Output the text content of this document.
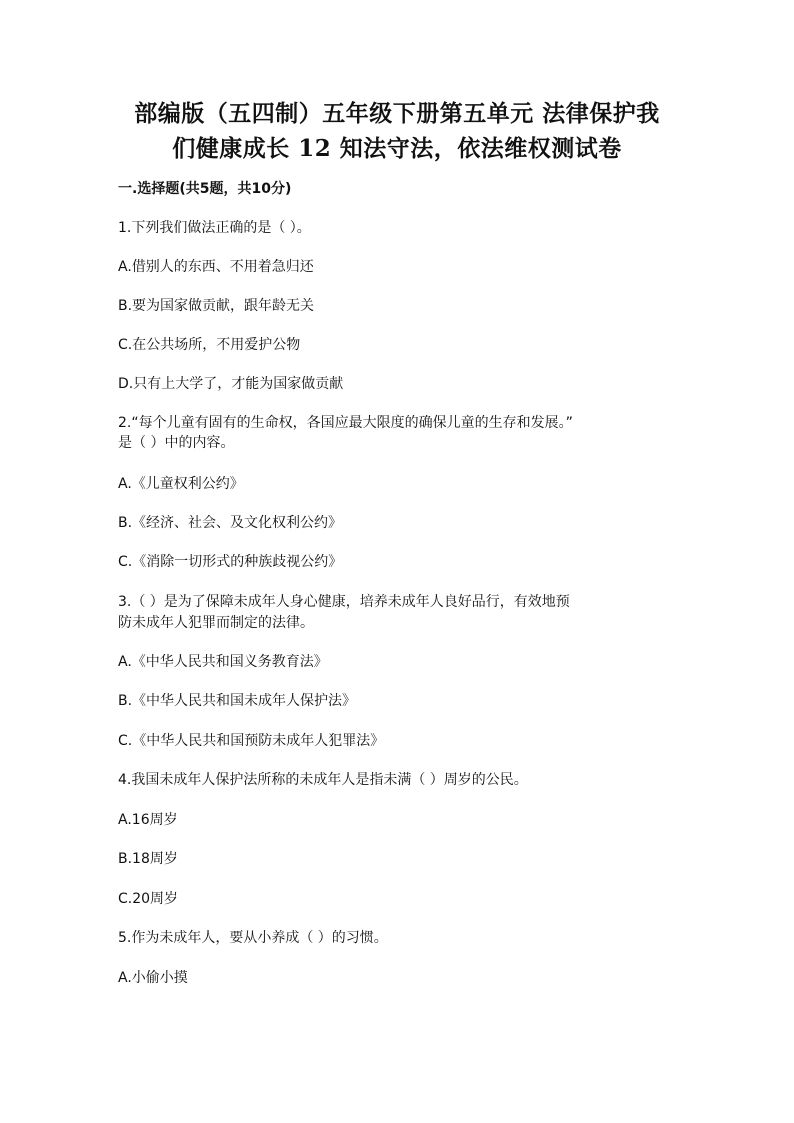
部编版（五四制）五年级下册第五单元 法律保护我
们健康成长 12 知法守法，依法维权测试卷
一.选择题(共5题，共10分)
1.下列我们做法正确的是（ ）。
A.借别人的东西、不用着急归还
B.要为国家做贡献，跟年龄无关
C.在公共场所，不用爱护公物
D.只有上大学了，才能为国家做贡献
2.“每个儿童有固有的生命权，各国应最大限度的确保儿童的生存和发展。”
是（ ）中的内容。
A.《儿童权利公约》
B.《经济、社会、及文化权利公约》
C.《消除一切形式的种族歧视公约》
3.（ ）是为了保障未成年人身心健康，培养未成年人良好品行，有效地预
防未成年人犯罪而制定的法律。
A.《中华人民共和国义务教育法》
B.《中华人民共和国未成年人保护法》
C.《中华人民共和国预防未成年人犯罪法》
4.我国未成年人保护法所称的未成年人是指未满（ ）周岁的公民。
A.16周岁
B.18周岁
C.20周岁
5.作为未成年人，要从小养成（ ）的习惯。
A.小偷小摸
